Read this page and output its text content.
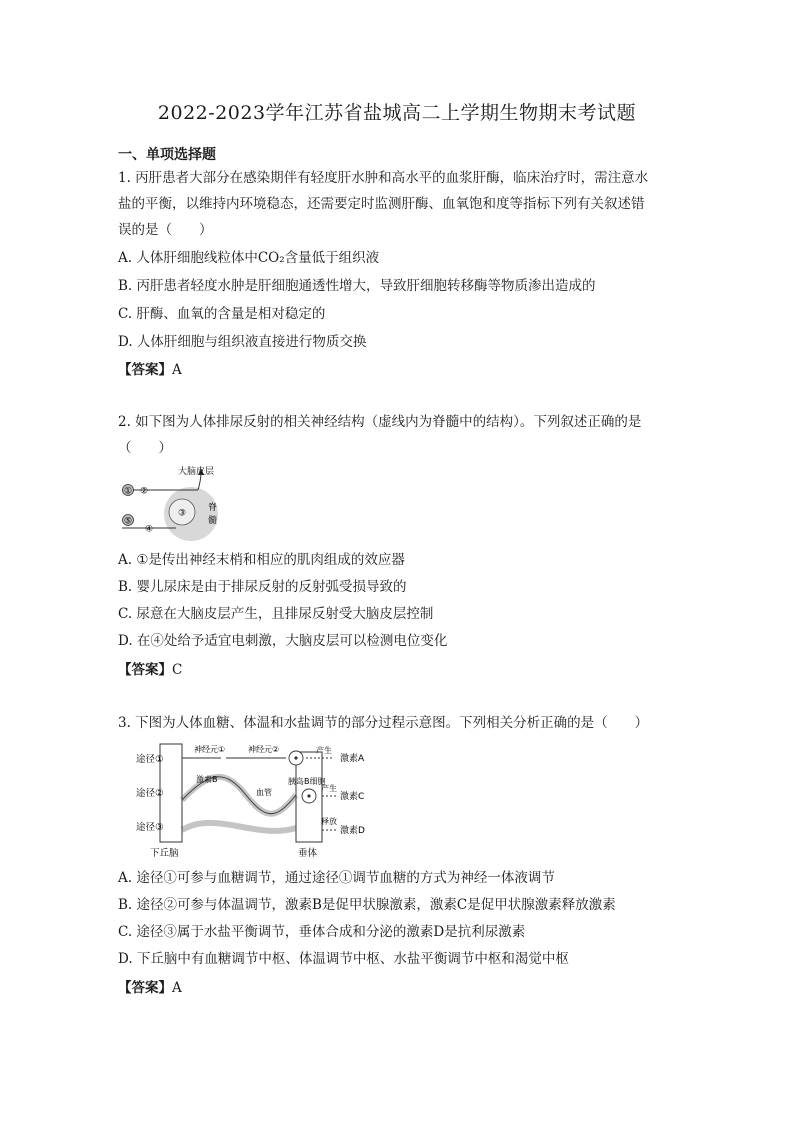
2022-2023学年江苏省盐城高二上学期生物期末考试题
一、单项选择题
1. 丙肝患者大部分在感染期伴有轻度肝水肿和高水平的血浆肝酶，临床治疗时，需注意水
盐的平衡，以维持内环境稳态，还需要定时监测肝酶、血氧饱和度等指标下列有关叙述错
误的是（　　）
A. 人体肝细胞线粒体中CO₂含量低于组织液
B. 丙肝患者轻度水肿是肝细胞通透性增大，导致肝细胞转移酶等物质渗出造成的
C. 肝酶、血氧的含量是相对稳定的
D. 人体肝细胞与组织液直接进行物质交换
【答案】A
2. 如下图为人体排尿反射的相关神经结构（虚线内为脊髓中的结构）。下列叙述正确的是
（　　）
① ②
大脑皮层
⑤
④
③
脊
髓
A. ①是传出神经末梢和相应的肌肉组成的效应器
B. 婴儿尿床是由于排尿反射的反射弧受损导致的
C. 尿意在大脑皮层产生，且排尿反射受大脑皮层控制
D. 在④处给予适宜电刺激，大脑皮层可以检测电位变化
【答案】C
3. 下图为人体血糖、体温和水盐调节的部分过程示意图。下列相关分析正确的是（　　）
途径①
途径②
途径③
神经元①	神经元②	产生
激素A
激素B
血管
胰岛B细胞
产生
激素C
释放
激素D
下丘脑	垂体
A. 途径①可参与血糖调节，通过途径①调节血糖的方式为神经一体液调节
B. 途径②可参与体温调节，激素B是促甲状腺激素，激素C是促甲状腺激素释放激素
C. 途径③属于水盐平衡调节，垂体合成和分泌的激素D是抗利尿激素
D. 下丘脑中有血糖调节中枢、体温调节中枢、水盐平衡调节中枢和渴觉中枢
【答案】A
